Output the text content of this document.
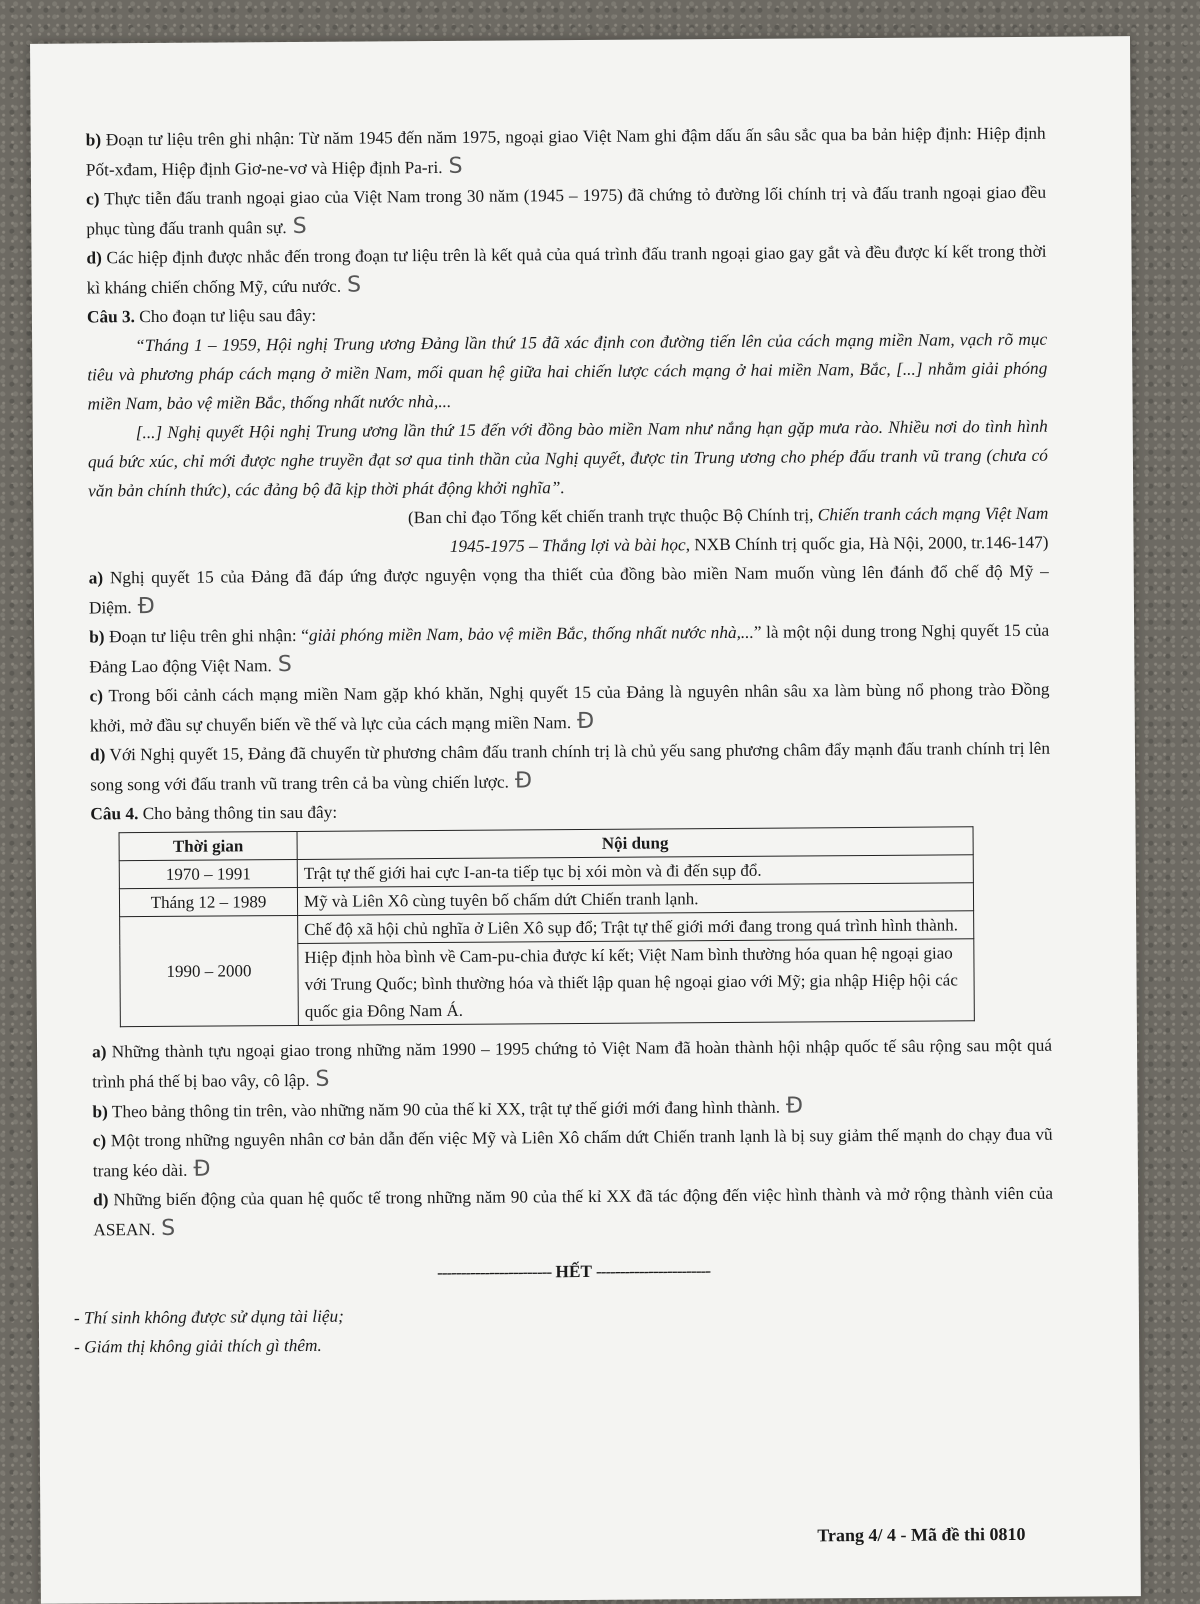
b) Đoạn tư liệu trên ghi nhận: Từ năm 1945 đến năm 1975, ngoại giao Việt Nam ghi đậm dấu ấn sâu sắc qua ba bản hiệp định: Hiệp định Pốt-xđam, Hiệp định Giơ-ne-vơ và Hiệp định Pa-ri. S

c) Thực tiễn đấu tranh ngoại giao của Việt Nam trong 30 năm (1945 – 1975) đã chứng tỏ đường lối chính trị và đấu tranh ngoại giao đều phục tùng đấu tranh quân sự. S

d) Các hiệp định được nhắc đến trong đoạn tư liệu trên là kết quả của quá trình đấu tranh ngoại giao gay gắt và đều được kí kết trong thời kì kháng chiến chống Mỹ, cứu nước. S

Câu 3. Cho đoạn tư liệu sau đây:

“Tháng 1 – 1959, Hội nghị Trung ương Đảng lần thứ 15 đã xác định con đường tiến lên của cách mạng miền Nam, vạch rõ mục tiêu và phương pháp cách mạng ở miền Nam, mối quan hệ giữa hai chiến lược cách mạng ở hai miền Nam, Bắc, [...] nhằm giải phóng miền Nam, bảo vệ miền Bắc, thống nhất nước nhà,...

[...] Nghị quyết Hội nghị Trung ương lần thứ 15 đến với đồng bào miền Nam như nắng hạn gặp mưa rào. Nhiều nơi do tình hình quá bức xúc, chỉ mới được nghe truyền đạt sơ qua tinh thần của Nghị quyết, được tin Trung ương cho phép đấu tranh vũ trang (chưa có văn bản chính thức), các đảng bộ đã kịp thời phát động khởi nghĩa”.

(Ban chỉ đạo Tổng kết chiến tranh trực thuộc Bộ Chính trị, Chiến tranh cách mạng Việt Nam
1945-1975 – Thắng lợi và bài học, NXB Chính trị quốc gia, Hà Nội, 2000, tr.146-147)

a) Nghị quyết 15 của Đảng đã đáp ứng được nguyện vọng tha thiết của đồng bào miền Nam muốn vùng lên đánh đổ chế độ Mỹ – Diệm. Đ

b) Đoạn tư liệu trên ghi nhận: “giải phóng miền Nam, bảo vệ miền Bắc, thống nhất nước nhà,...” là một nội dung trong Nghị quyết 15 của Đảng Lao động Việt Nam. S

c) Trong bối cảnh cách mạng miền Nam gặp khó khăn, Nghị quyết 15 của Đảng là nguyên nhân sâu xa làm bùng nổ phong trào Đồng khởi, mở đầu sự chuyển biến về thế và lực của cách mạng miền Nam. Đ

d) Với Nghị quyết 15, Đảng đã chuyển từ phương châm đấu tranh chính trị là chủ yếu sang phương châm đẩy mạnh đấu tranh chính trị lên song song với đấu tranh vũ trang trên cả ba vùng chiến lược. Đ

Câu 4. Cho bảng thông tin sau đây:

Thời gian	Nội dung
1970 – 1991	Trật tự thế giới hai cực I-an-ta tiếp tục bị xói mòn và đi đến sụp đổ.
Tháng 12 – 1989	Mỹ và Liên Xô cùng tuyên bố chấm dứt Chiến tranh lạnh.
1990 – 2000	Chế độ xã hội chủ nghĩa ở Liên Xô sụp đổ; Trật tự thế giới mới đang trong quá trình hình thành.
	Hiệp định hòa bình về Cam-pu-chia được kí kết; Việt Nam bình thường hóa quan hệ ngoại giao với Trung Quốc; bình thường hóa và thiết lập quan hệ ngoại giao với Mỹ; gia nhập Hiệp hội các quốc gia Đông Nam Á.

a) Những thành tựu ngoại giao trong những năm 1990 – 1995 chứng tỏ Việt Nam đã hoàn thành hội nhập quốc tế sâu rộng sau một quá trình phá thế bị bao vây, cô lập. S

b) Theo bảng thông tin trên, vào những năm 90 của thế kỉ XX, trật tự thế giới mới đang hình thành. Đ

c) Một trong những nguyên nhân cơ bản dẫn đến việc Mỹ và Liên Xô chấm dứt Chiến tranh lạnh là bị suy giảm thế mạnh do chạy đua vũ trang kéo dài. Đ

d) Những biến động của quan hệ quốc tế trong những năm 90 của thế kỉ XX đã tác động đến việc hình thành và mở rộng thành viên của ASEAN. S

------------------------ HẾT ------------------------

- Thí sinh không được sử dụng tài liệu;

- Giám thị không giải thích gì thêm.

Trang 4/ 4 - Mã đề thi 0810
